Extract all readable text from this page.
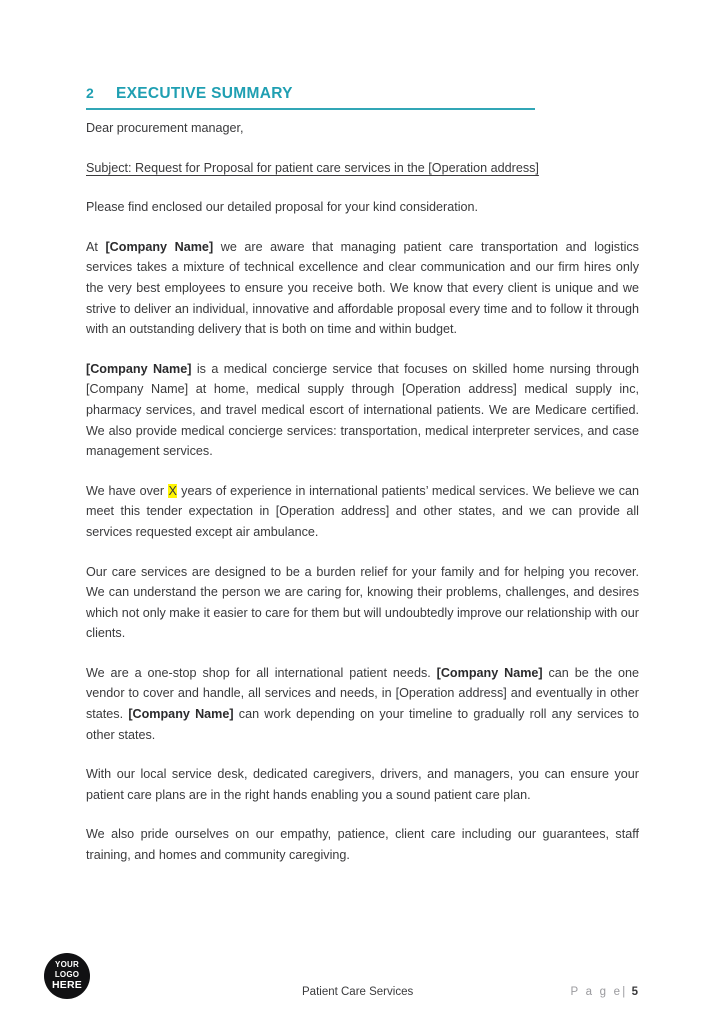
2	EXECUTIVE SUMMARY

Dear procurement manager,

Subject: Request for Proposal for patient care services in the [Operation address]

Please find enclosed our detailed proposal for your kind consideration.

At [Company Name] we are aware that managing patient care transportation and logistics services takes a mixture of technical excellence and clear communication and our firm hires only the very best employees to ensure you receive both. We know that every client is unique and we strive to deliver an individual, innovative and affordable proposal every time and to follow it through with an outstanding delivery that is both on time and within budget.

[Company Name] is a medical concierge service that focuses on skilled home nursing through [Company Name] at home, medical supply through [Operation address] medical supply inc, pharmacy services, and travel medical escort of international patients. We are Medicare certified. We also provide medical concierge services: transportation, medical interpreter services, and case management services.

We have over X years of experience in international patients’ medical services. We believe we can meet this tender expectation in [Operation address] and other states, and we can provide all services requested except air ambulance.

Our care services are designed to be a burden relief for your family and for helping you recover. We can understand the person we are caring for, knowing their problems, challenges, and desires which not only make it easier to care for them but will undoubtedly improve our relationship with our clients.

We are a one-stop shop for all international patient needs. [Company Name] can be the one vendor to cover and handle, all services and needs, in [Operation address] and eventually in other states. [Company Name] can work depending on your timeline to gradually roll any services to other states.

With our local service desk, dedicated caregivers, drivers, and managers, you can ensure your patient care plans are in the right hands enabling you a sound patient care plan.

We also pride ourselves on our empathy, patience, client care including our guarantees, staff training, and homes and community caregiving.

YOUR
LOGO
HERE
Patient Care Services	P a g e| 5
